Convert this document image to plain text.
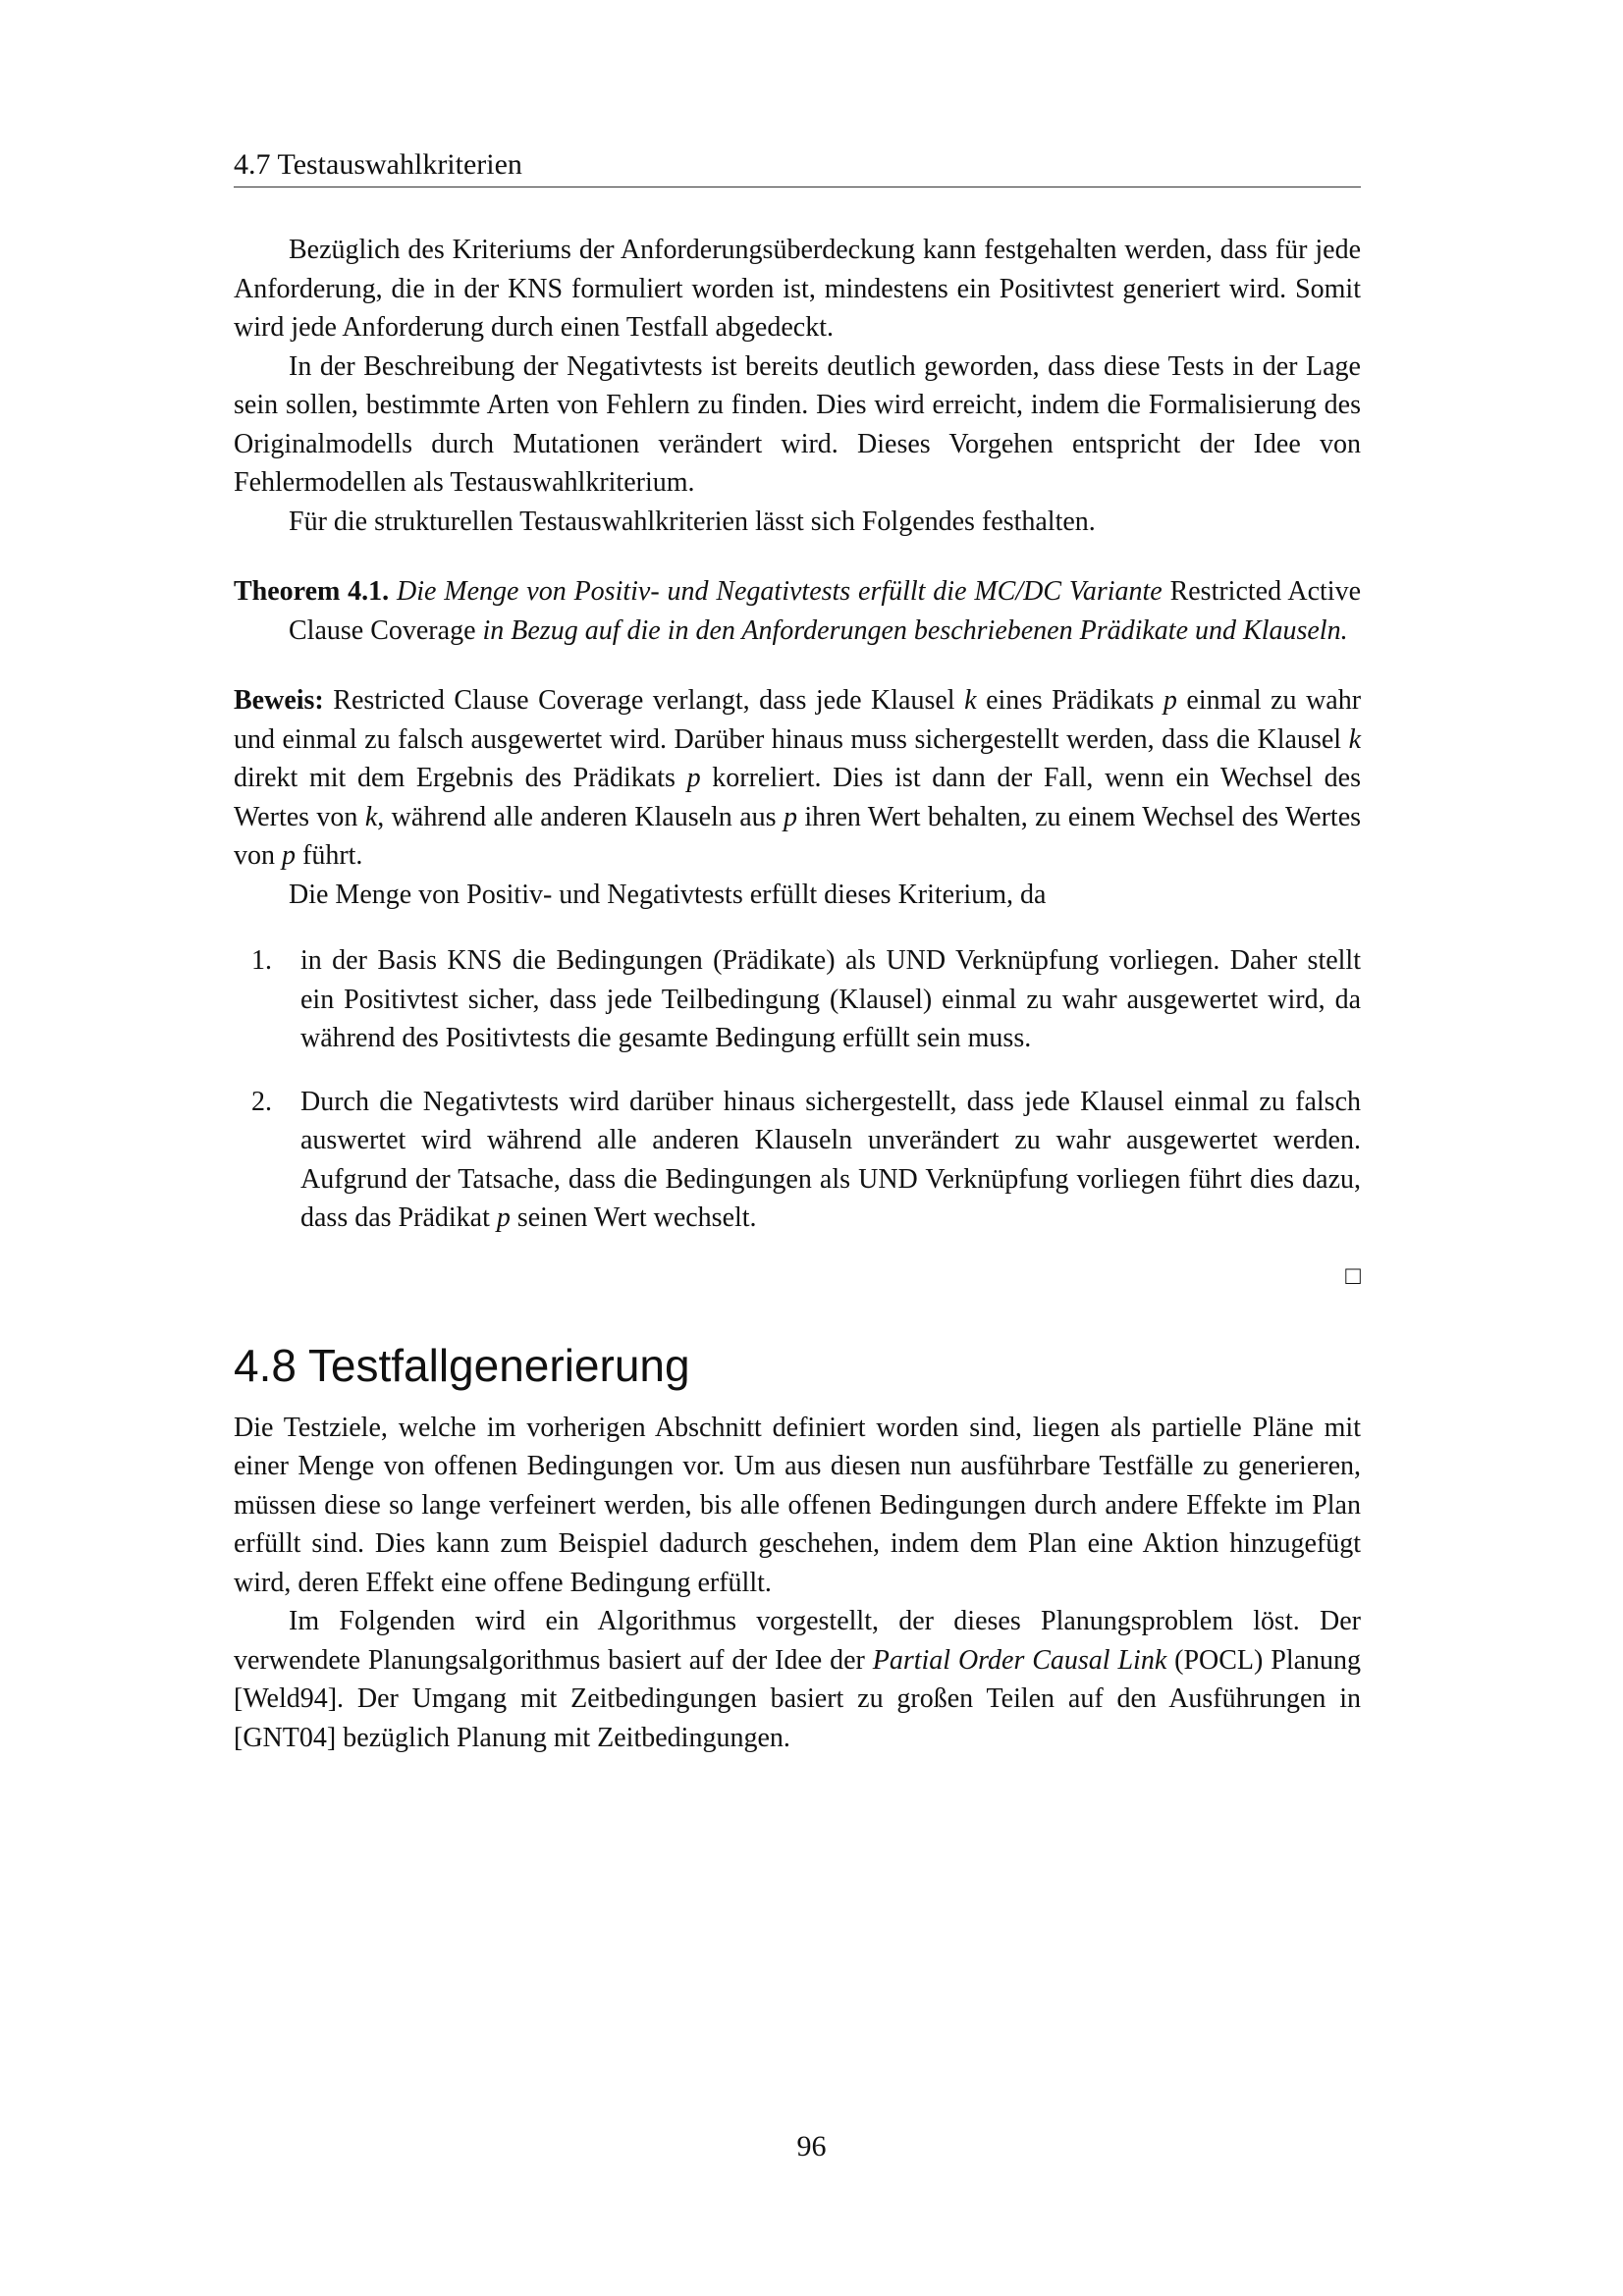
4.7 Testauswahlkriterien

Bezüglich des Kriteriums der Anforderungsüberdeckung kann festgehalten werden, dass für jede Anforderung, die in der KNS formuliert worden ist, mindestens ein Positivtest generiert wird. Somit wird jede Anforderung durch einen Testfall abgedeckt.

In der Beschreibung der Negativtests ist bereits deutlich geworden, dass diese Tests in der Lage sein sollen, bestimmte Arten von Fehlern zu finden. Dies wird erreicht, indem die Formalisierung des Originalmodells durch Mutationen verändert wird. Dieses Vorgehen entspricht der Idee von Fehlermodellen als Testauswahlkriterium.

Für die strukturellen Testauswahlkriterien lässt sich Folgendes festhalten.

Theorem 4.1. Die Menge von Positiv- und Negativtests erfüllt die MC/DC Variante Restricted Active Clause Coverage in Bezug auf die in den Anforderungen beschriebenen Prädikate und Klauseln.

Beweis: Restricted Clause Coverage verlangt, dass jede Klausel k eines Prädikats p einmal zu wahr und einmal zu falsch ausgewertet wird. Darüber hinaus muss sichergestellt werden, dass die Klausel k direkt mit dem Ergebnis des Prädikats p korreliert. Dies ist dann der Fall, wenn ein Wechsel des Wertes von k, während alle anderen Klauseln aus p ihren Wert behalten, zu einem Wechsel des Wertes von p führt.

Die Menge von Positiv- und Negativtests erfüllt dieses Kriterium, da

1. in der Basis KNS die Bedingungen (Prädikate) als UND Verknüpfung vorliegen. Daher stellt ein Positivtest sicher, dass jede Teilbedingung (Klausel) einmal zu wahr ausgewertet wird, da während des Positivtests die gesamte Bedingung erfüllt sein muss.
2. Durch die Negativtests wird darüber hinaus sichergestellt, dass jede Klausel einmal zu falsch auswertet wird während alle anderen Klauseln unverändert zu wahr ausgewertet werden. Aufgrund der Tatsache, dass die Bedingungen als UND Verknüpfung vorliegen führt dies dazu, dass das Prädikat p seinen Wert wechselt.
□
4.8 Testfallgenerierung

Die Testziele, welche im vorherigen Abschnitt definiert worden sind, liegen als partielle Pläne mit einer Menge von offenen Bedingungen vor. Um aus diesen nun ausführbare Testfälle zu generieren, müssen diese so lange verfeinert werden, bis alle offenen Bedingungen durch andere Effekte im Plan erfüllt sind. Dies kann zum Beispiel dadurch geschehen, indem dem Plan eine Aktion hinzugefügt wird, deren Effekt eine offene Bedingung erfüllt.

Im Folgenden wird ein Algorithmus vorgestellt, der dieses Planungsproblem löst. Der verwendete Planungsalgorithmus basiert auf der Idee der Partial Order Causal Link (POCL) Planung [Weld94]. Der Umgang mit Zeitbedingungen basiert zu großen Teilen auf den Ausführungen in [GNT04] bezüglich Planung mit Zeitbedingungen.

96
